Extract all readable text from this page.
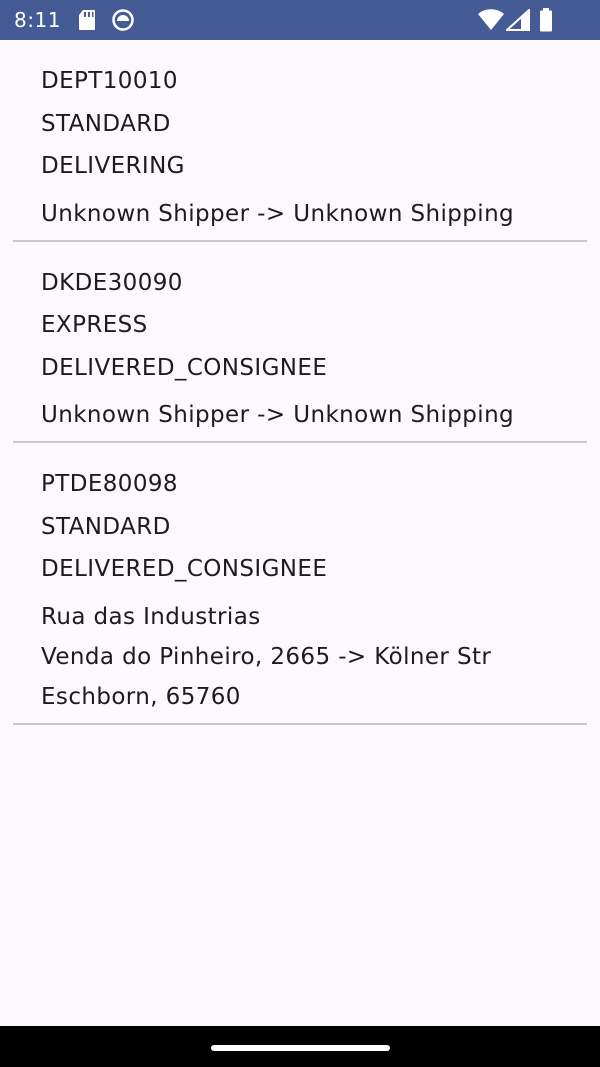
8:11
DEPT10010
STANDARD
DELIVERING
Unknown Shipper -> Unknown Shipping
DKDE30090
EXPRESS
DELIVERED_CONSIGNEE
Unknown Shipper -> Unknown Shipping
PTDE80098
STANDARD
DELIVERED_CONSIGNEE
Rua das Industrias
Venda do Pinheiro, 2665 -> Kölner Str
Eschborn, 65760
